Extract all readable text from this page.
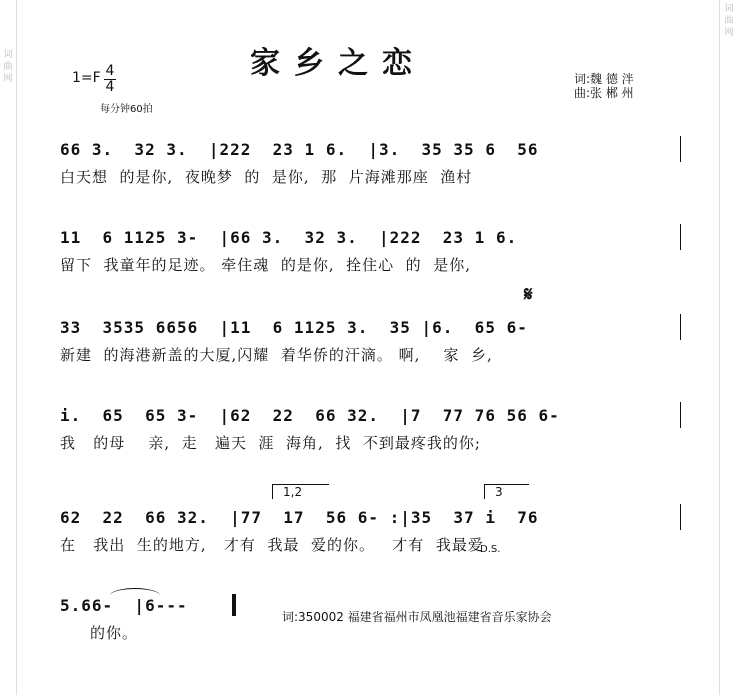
词
曲
网
词
曲
网
家乡之恋
1=F 4
4
每分钟60拍
词:魏 德 泮
曲:张 郴 州
66 3.  32 3.  |222  23 1 6.  |3.  35 35 6  56
白天想  的是你,  夜晚梦  的  是你,  那  片海滩那座  渔村
11  6 1125 3-  |66 3.  32 3.  |222  23 1 6.
留下  我童年的足迹。 牵住魂  的是你,  拴住心  的  是你,
𝄋
33  3535 6656  |11  6 1125 3.  35 |6.  65 6-
新建  的海港新盖的大厦,闪耀  着华侨的汗滴。 啊,    家  乡,
i.  65  65 3-  |62  22  66 32.  |7  77 76 56 6-
我   的母    亲,  走   遍天  涯  海角,  找  不到最疼我的你;
1,2	3
62  22  66 32.  |77  17  56 6- :|35  37 i  76
在   我出  生的地方,   才有  我最  爱的你。   才有  我最爱
D.S.
5.66-  |6---
的你。
词:350002 福建省福州市凤凰池福建省音乐家协会
